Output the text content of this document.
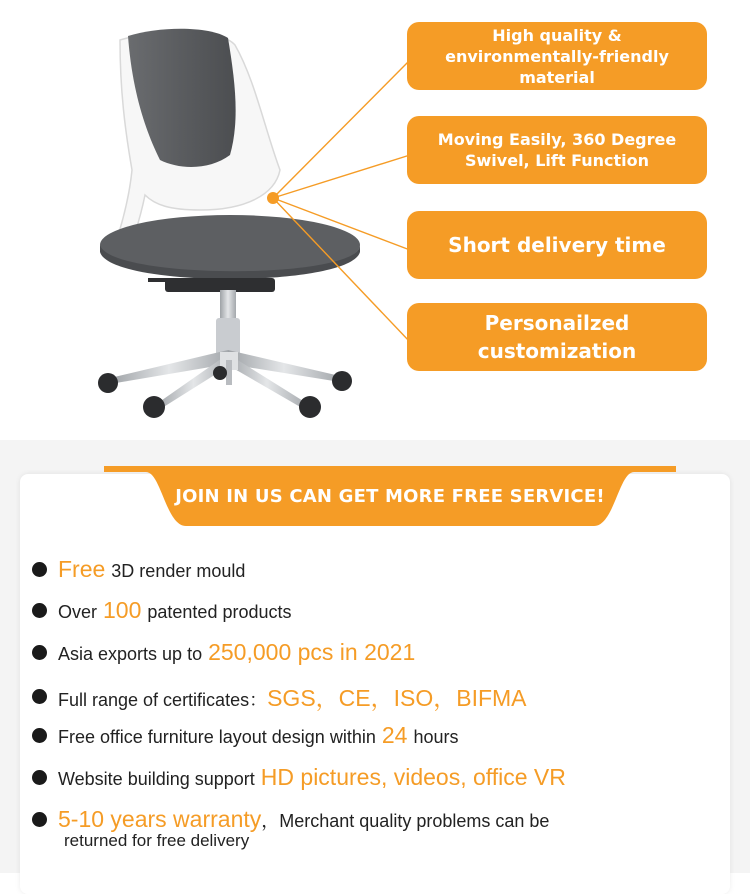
High quality &
environmentally-friendly material
Moving Easily, 360 Degree
Swivel, Lift Function
Short delivery time
Personailzed
customization
JOIN IN US CAN GET MORE FREE SERVICE!
Free 3D render mould
Over 100 patented products
Asia exports up to 250,000 pcs in 2021
Full range of certificates： SGS，CE，ISO，BIFMA
Free office furniture layout design within 24 hours
Website building support HD pictures, videos, office VR
5-10 years warranty ，Merchant quality problems can be
returned for free delivery
